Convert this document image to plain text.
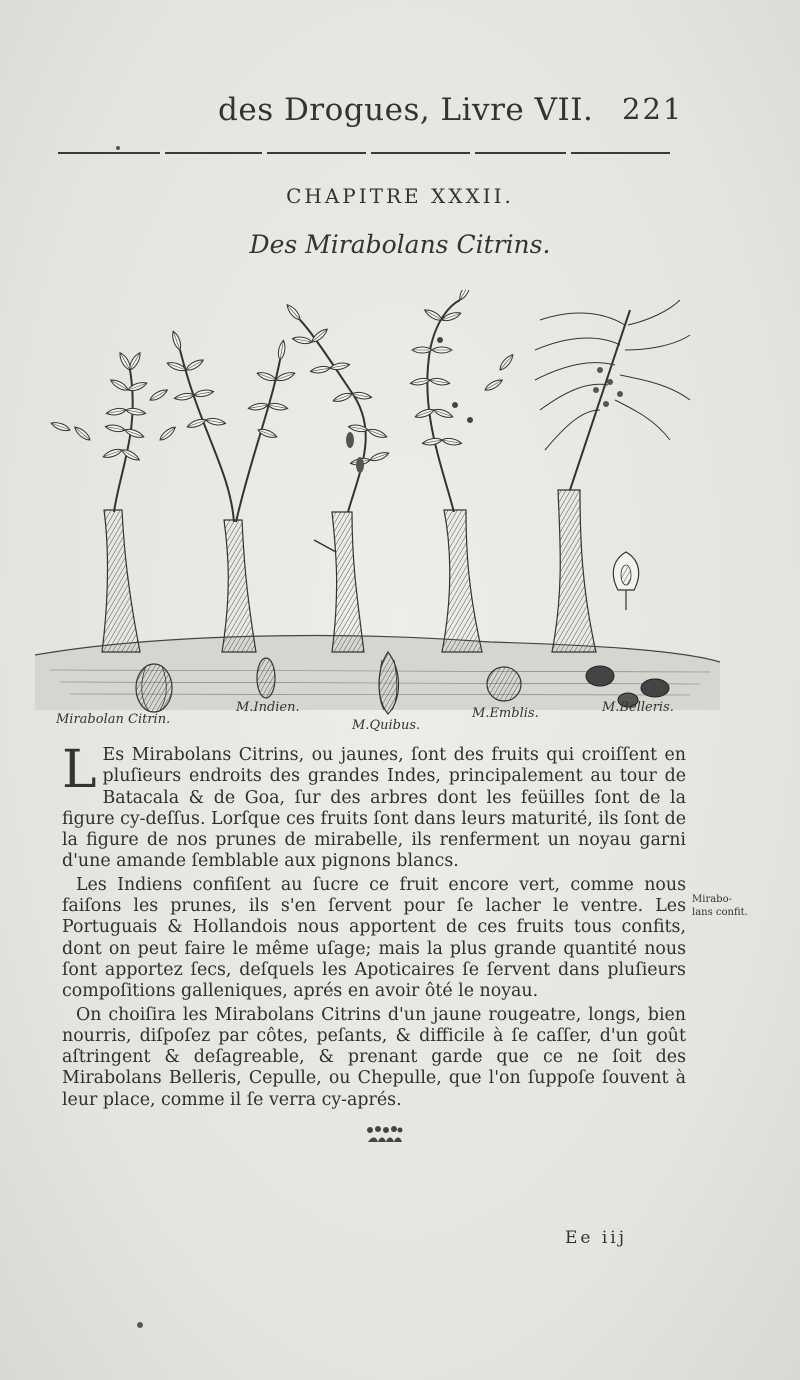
des Drogues, Livre VII. 221
CHAPITRE XXXII.
Des Mirabolans Citrins.
Mirabolan Citrin.
M.Indien.
M.Quibus.
M.Emblis.	M.Belleris.

L Es Mirabolans Citrins, ou jaunes, ſont des fruits qui croiſſent en pluſieurs endroits des grandes Indes, principalement au tour de Batacala & de Goa, ſur des arbres dont les feüilles ſont de la figure cy-deſſus. Lorſque ces fruits ſont dans leurs maturité, ils ſont de la figure de nos prunes de mirabelle, ils renferment un noyau garni d'une amande ſemblable aux pignons blancs.

Les Indiens confiſent au ſucre ce fruit encore vert, comme nous faiſons les prunes, ils s'en ſervent pour ſe lacher le ventre. Les Portuguais & Hollandois nous apportent de ces fruits tous confits, dont on peut faire le même uſage; mais la plus grande quantité nous ſont apportez ſecs, deſquels les Apoticaires ſe ſervent dans pluſieurs compoſitions galleniques, aprés en avoir ôté le noyau.

On choiſira les Mirabolans Citrins d'un jaune rougeatre, longs, bien nourris, diſpoſez par côtes, peſants, & difficile à ſe caſſer, d'un goût aſtringent & deſagreable, & prenant garde que ce ne ſoit des Mirabolans Belleris, Cepulle, ou Chepulle, que l'on ſuppoſe ſouvent à leur place, comme il ſe verra cy-aprés.

Mirabo-
lans confit.
Ee iij
